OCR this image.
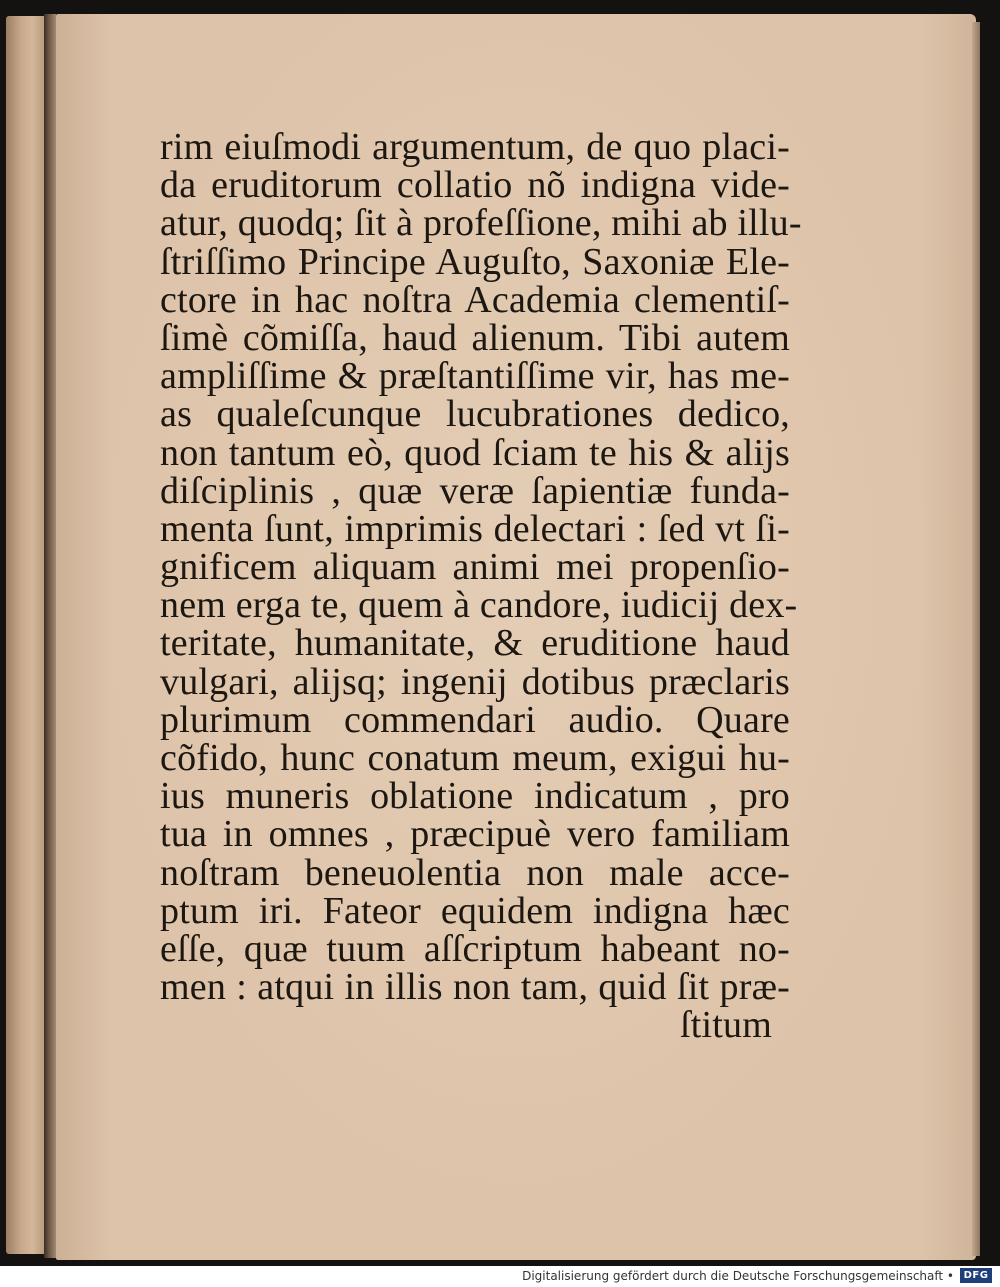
rim eiuſmodi argumentum, de quo placi-
da eruditorum collatio nõ indigna vide-
atur, quodq; ſit à profeſſione, mihi ab illu-
ſtriſſimo Principe Auguſto, Saxoniæ Ele-
ctore in hac noſtra Academia clementiſ-
ſimè cõmiſſa, haud alienum. Tibi autem
ampliſſime & præſtantiſſime vir, has me-
as qualeſcunque lucubrationes dedico,
non tantum eò, quod ſciam te his & alijs
diſciplinis , quæ veræ ſapientiæ funda-
menta ſunt, imprimis delectari : ſed vt ſi-
gnificem aliquam animi mei propenſio-
nem erga te, quem à candore, iudicij dex-
teritate, humanitate, & eruditione haud
vulgari, alijsq; ingenij dotibus præclaris
plurimum commendari audio. Quare
cõfido, hunc conatum meum, exigui hu-
ius muneris oblatione indicatum , pro
tua in omnes , præcipuè vero familiam
noſtram beneuolentia non male acce-
ptum iri. Fateor equidem indigna hæc
eſſe, quæ tuum aſſcriptum habeant no-
men : atqui in illis non tam, quid ſit præ-
ſtitum
Digitalisierung gefördert durch die Deutsche Forschungsgemeinschaft • DFG
